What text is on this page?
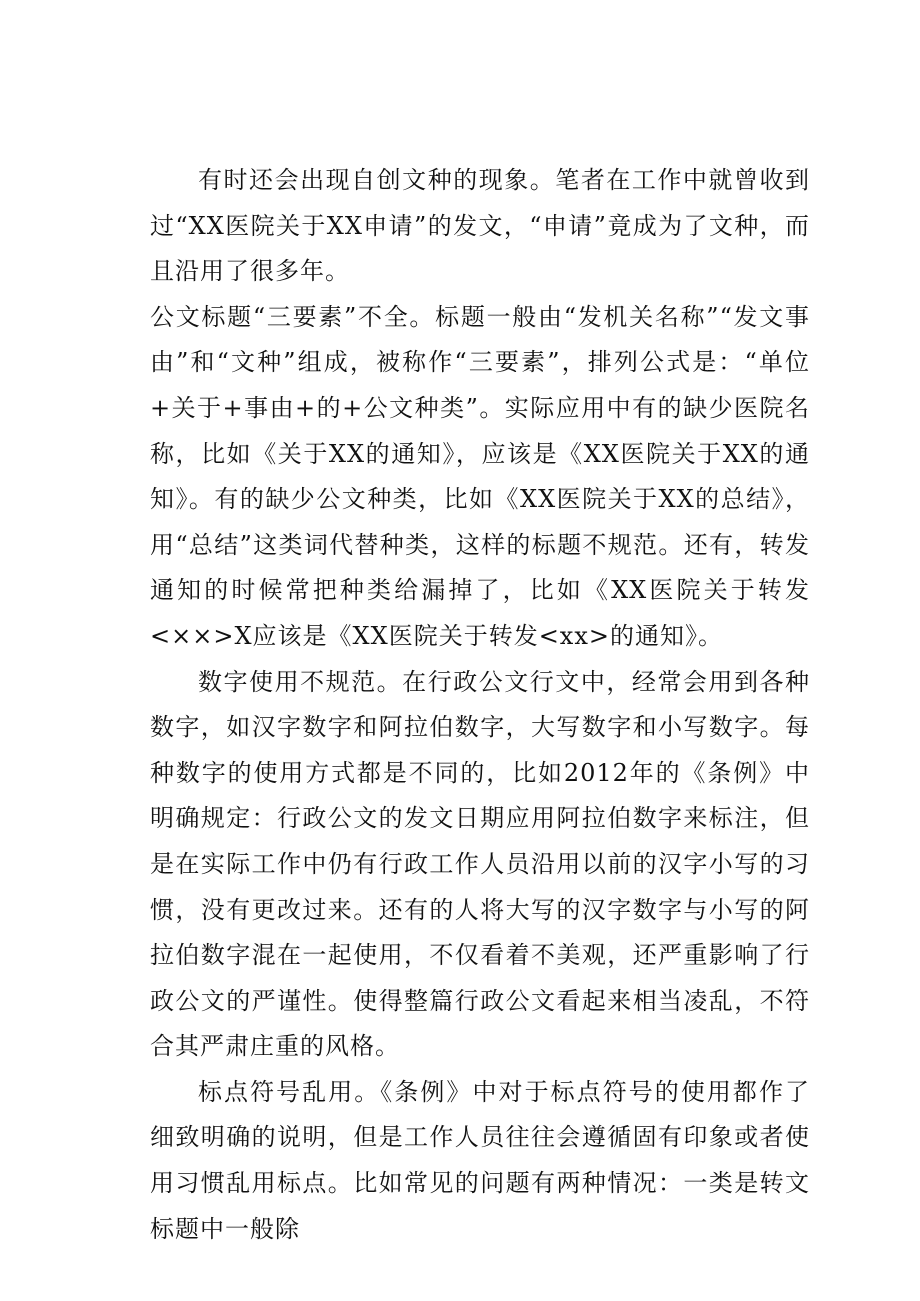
有时还会出现自创文种的现象。笔者在工作中就曾收到过“XX医院关于XX申请”的发文，“申请”竟成为了文种，而且沿用了很多年。

公文标题“三要素”不全。标题一般由“发机关名称”“发文事由”和“文种”组成，被称作“三要素”，排列公式是：“单位+关于+事由+的+公文种类”。实际应用中有的缺少医院名称，比如《关于XX的通知》，应该是《XX医院关于XX的通知》。有的缺少公文种类，比如《XX医院关于XX的总结》，用“总结”这类词代替种类，这样的标题不规范。还有，转发通知的时候常把种类给漏掉了，比如《XX医院关于转发<××>X应该是《XX医院关于转发<xx>的通知》。

数字使用不规范。在行政公文行文中，经常会用到各种数字，如汉字数字和阿拉伯数字，大写数字和小写数字。每种数字的使用方式都是不同的，比如2012年的《条例》中明确规定：行政公文的发文日期应用阿拉伯数字来标注，但是在实际工作中仍有行政工作人员沿用以前的汉字小写的习惯，没有更改过来。还有的人将大写的汉字数字与小写的阿拉伯数字混在一起使用，不仅看着不美观，还严重影响了行政公文的严谨性。使得整篇行政公文看起来相当凌乱，不符合其严肃庄重的风格。

标点符号乱用。《条例》中对于标点符号的使用都作了细致明确的说明，但是工作人员往往会遵循固有印象或者使用习惯乱用标点。比如常见的问题有两种情况：一类是转文标题中一般除
